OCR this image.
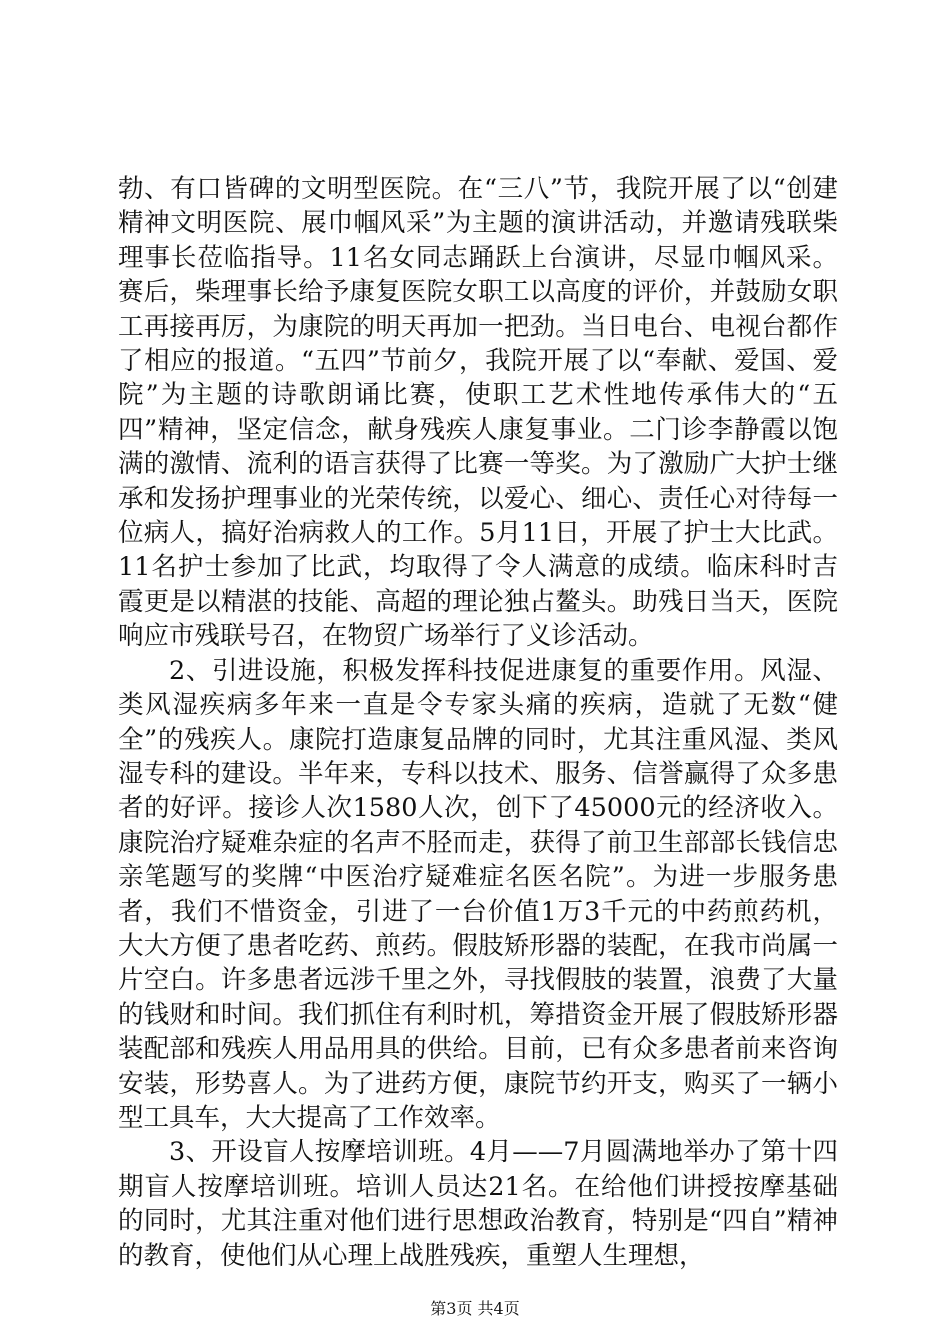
勃、有口皆碑的文明型医院。在“三八”节，我院开展了以“创建精神文明医院、展巾帼风采”为主题的演讲活动，并邀请残联柴理事长莅临指导。11名女同志踊跃上台演讲，尽显巾帼风采。赛后，柴理事长给予康复医院女职工以高度的评价，并鼓励女职工再接再厉，为康院的明天再加一把劲。当日电台、电视台都作了相应的报道。“五四”节前夕，我院开展了以“奉献、爱国、爱院”为主题的诗歌朗诵比赛，使职工艺术性地传承伟大的“五四”精神，坚定信念，献身残疾人康复事业。二门诊李静霞以饱满的激情、流利的语言获得了比赛一等奖。为了激励广大护士继承和发扬护理事业的光荣传统，以爱心、细心、责任心对待每一位病人，搞好治病救人的工作。5月11日，开展了护士大比武。11名护士参加了比武，均取得了令人满意的成绩。临床科时吉霞更是以精湛的技能、高超的理论独占鳌头。助残日当天，医院响应市残联号召，在物贸广场举行了义诊活动。

2、引进设施，积极发挥科技促进康复的重要作用。风湿、类风湿疾病多年来一直是令专家头痛的疾病，造就了无数“健全”的残疾人。康院打造康复品牌的同时，尤其注重风湿、类风湿专科的建设。半年来，专科以技术、服务、信誉赢得了众多患者的好评。接诊人次1580人次，创下了45000元的经济收入。康院治疗疑难杂症的名声不胫而走，获得了前卫生部部长钱信忠亲笔题写的奖牌“中医治疗疑难症名医名院”。为进一步服务患者，我们不惜资金，引进了一台价值1万3千元的中药煎药机，大大方便了患者吃药、煎药。假肢矫形器的装配，在我市尚属一片空白。许多患者远涉千里之外，寻找假肢的装置，浪费了大量的钱财和时间。我们抓住有利时机，筹措资金开展了假肢矫形器装配部和残疾人用品用具的供给。目前，已有众多患者前来咨询安装，形势喜人。为了进药方便，康院节约开支，购买了一辆小型工具车，大大提高了工作效率。

3、开设盲人按摩培训班。4月——7月圆满地举办了第十四期盲人按摩培训班。培训人员达21名。在给他们讲授按摩基础的同时，尤其注重对他们进行思想政治教育，特别是“四自”精神的教育，使他们从心理上战胜残疾，重塑人生理想，

第3页 共4页
